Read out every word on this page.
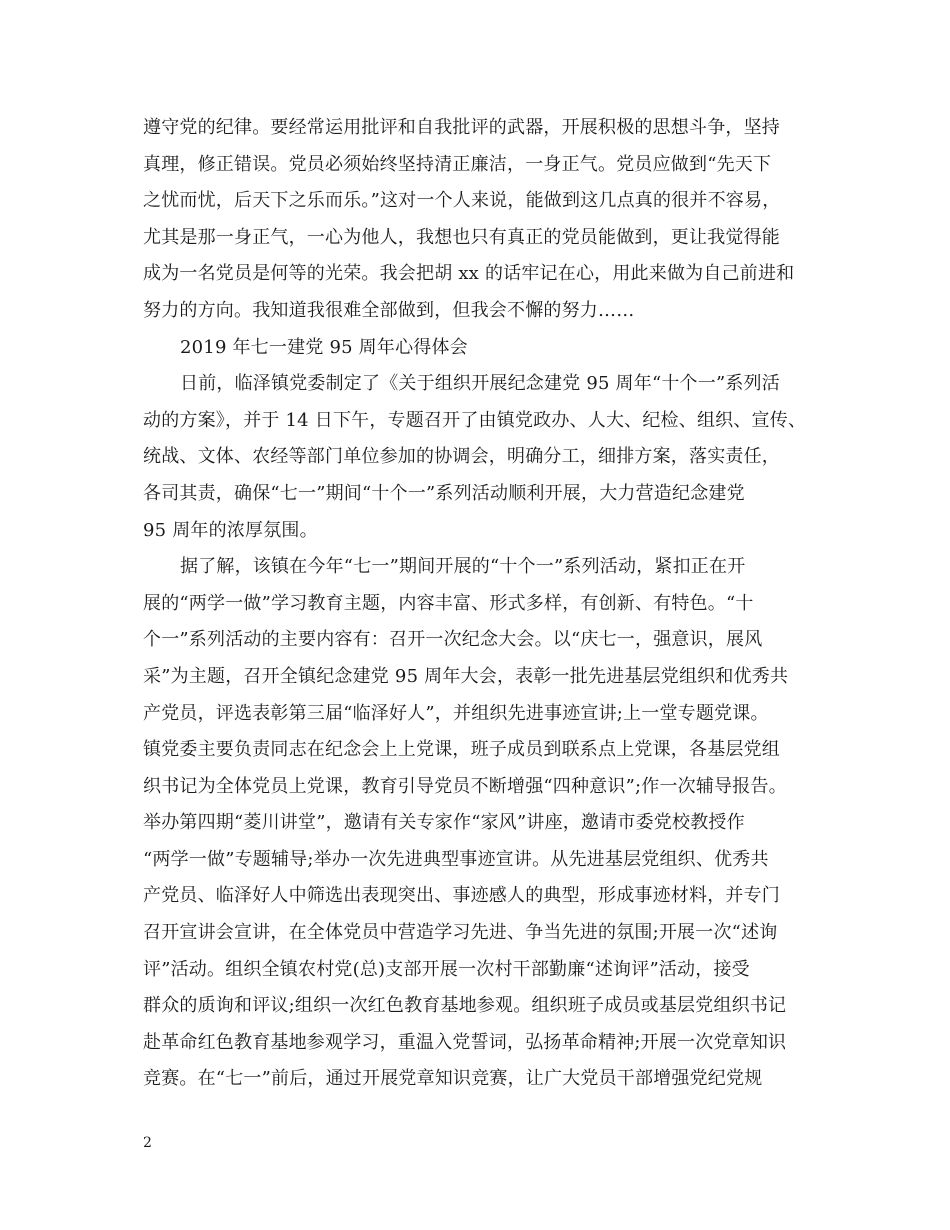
遵守党的纪律。要经常运用批评和自我批评的武器，开展积极的思想斗争，坚持
真理，修正错误。党员必须始终坚持清正廉洁，一身正气。党员应做到“先天下
之忧而忧，后天下之乐而乐。”这对一个人来说，能做到这几点真的很并不容易，
尤其是那一身正气，一心为他人，我想也只有真正的党员能做到，更让我觉得能
成为一名党员是何等的光荣。我会把胡 xx 的话牢记在心，用此来做为自己前进和
努力的方向。我知道我很难全部做到，但我会不懈的努力……
2019 年七一建党 95 周年心得体会
日前，临泽镇党委制定了《关于组织开展纪念建党 95 周年“十个一”系列活
动的方案》，并于 14 日下午，专题召开了由镇党政办、人大、纪检、组织、宣传、
统战、文体、农经等部门单位参加的协调会，明确分工，细排方案，落实责任，
各司其责，确保“七一”期间“十个一”系列活动顺利开展，大力营造纪念建党
95 周年的浓厚氛围。
据了解，该镇在今年“七一”期间开展的“十个一”系列活动，紧扣正在开
展的“两学一做”学习教育主题，内容丰富、形式多样，有创新、有特色。“十
个一”系列活动的主要内容有：召开一次纪念大会。以“庆七一，强意识，展风
采”为主题，召开全镇纪念建党 95 周年大会，表彰一批先进基层党组织和优秀共
产党员，评选表彰第三届“临泽好人”，并组织先进事迹宣讲;上一堂专题党课。
镇党委主要负责同志在纪念会上上党课，班子成员到联系点上党课，各基层党组
织书记为全体党员上党课，教育引导党员不断增强“四种意识”;作一次辅导报告。
举办第四期“菱川讲堂”，邀请有关专家作“家风”讲座，邀请市委党校教授作
“两学一做”专题辅导;举办一次先进典型事迹宣讲。从先进基层党组织、优秀共
产党员、临泽好人中筛选出表现突出、事迹感人的典型，形成事迹材料，并专门
召开宣讲会宣讲，在全体党员中营造学习先进、争当先进的氛围;开展一次“述询
评”活动。组织全镇农村党(总)支部开展一次村干部勤廉“述询评”活动，接受
群众的质询和评议;组织一次红色教育基地参观。组织班子成员或基层党组织书记
赴革命红色教育基地参观学习，重温入党誓词，弘扬革命精神;开展一次党章知识
竞赛。在“七一”前后，通过开展党章知识竞赛，让广大党员干部增强党纪党规
2
